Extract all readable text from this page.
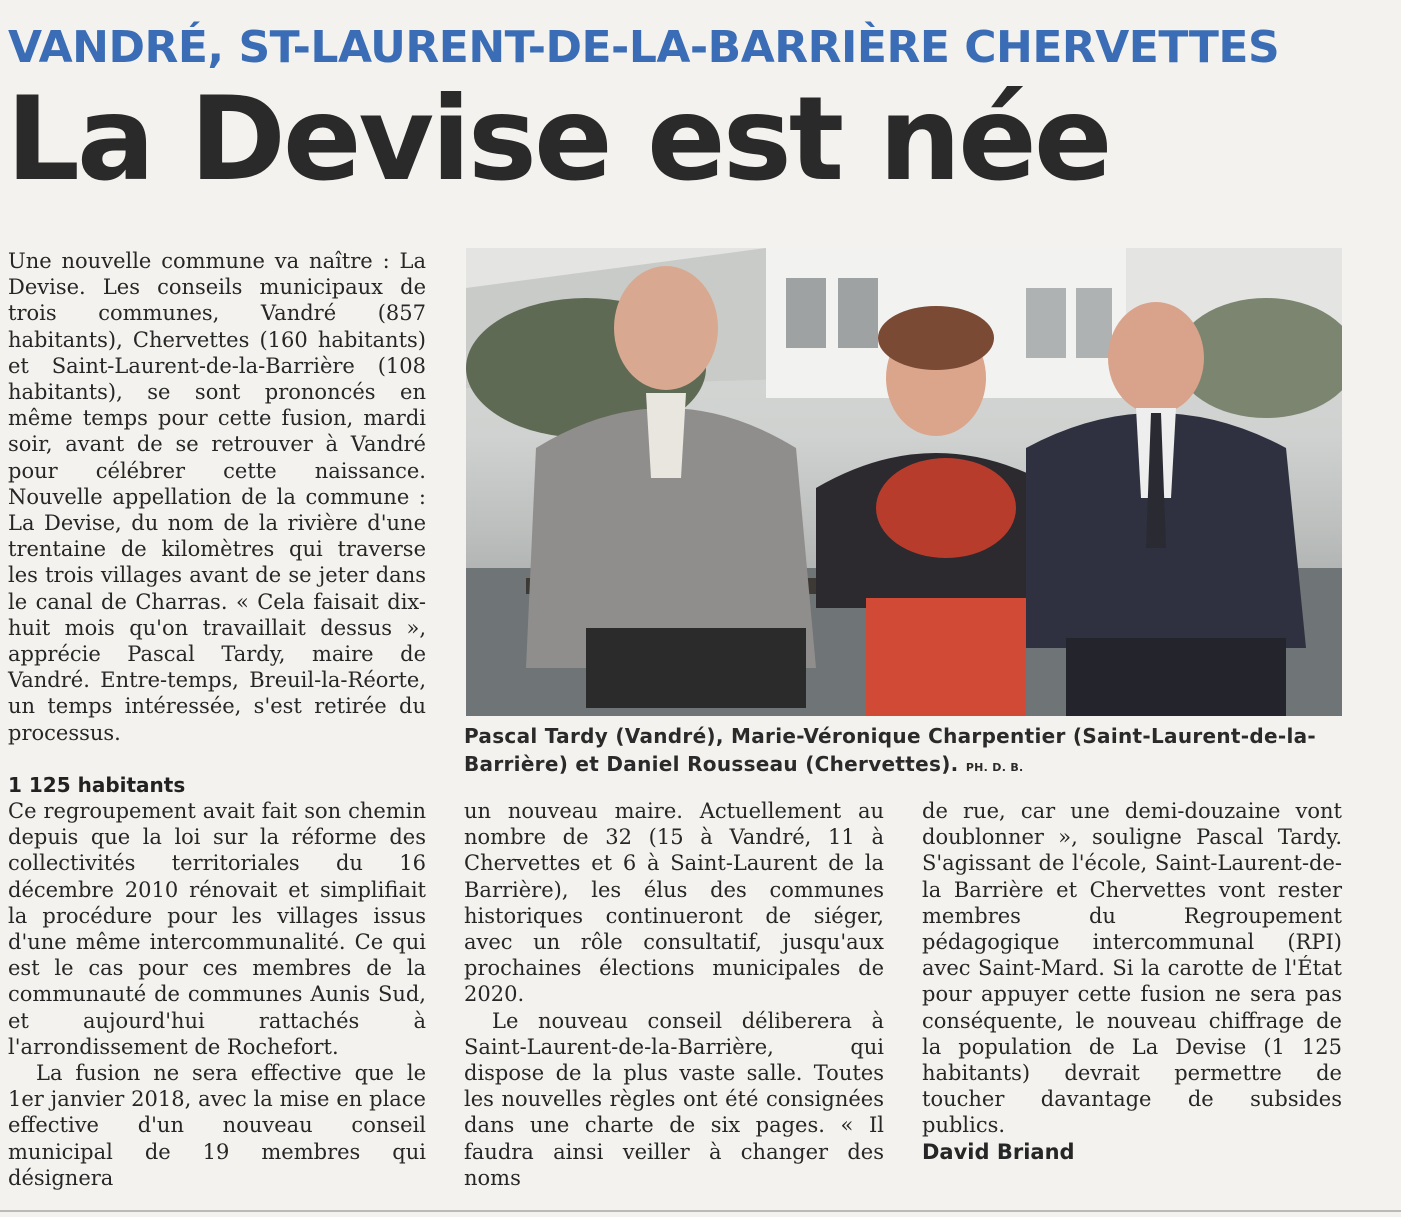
VANDRÉ, ST-LAURENT-DE-LA-BARRIÈRE CHERVETTES
La Devise est née

Une nouvelle commune va naître : La Devise. Les conseils municipaux de trois communes, Vandré (857 habitants), Chervettes (160 habitants) et Saint-Laurent-de-la-Barrière (108 habitants), se sont prononcés en même temps pour cette fusion, mardi soir, avant de se retrouver à Vandré pour célébrer cette naissance. Nouvelle appellation de la commune : La Devise, du nom de la rivière d'une trentaine de kilomètres qui traverse les trois villages avant de se jeter dans le canal de Charras. « Cela faisait dix-huit mois qu'on travaillait dessus », apprécie Pascal Tardy, maire de Vandré. Entre-temps, Breuil-la-Réorte, un temps intéressée, s'est retirée du processus.	Pascal Tardy (Vandré), Marie-Véronique Charpentier (Saint-Laurent-de-la-Barrière) et Daniel Rousseau (Chervettes). PH. D. B.
1 125 habitants

Ce regroupement avait fait son chemin depuis que la loi sur la réforme des collectivités territoriales du 16 décembre 2010 rénovait et simplifiait la procédure pour les villages issus d'une même intercommunalité. Ce qui est le cas pour ces membres de la communauté de communes Aunis Sud, et aujourd'hui rattachés à l'arrondissement de Rochefort.

La fusion ne sera effective que le 1er janvier 2018, avec la mise en place effective d'un nouveau conseil municipal de 19 membres qui désignera

un nouveau maire. Actuellement au nombre de 32 (15 à Vandré, 11 à Chervettes et 6 à Saint-Laurent de la Barrière), les élus des communes historiques continueront de siéger, avec un rôle consultatif, jusqu'aux prochaines élections municipales de 2020.

Le nouveau conseil déliberera à Saint-Laurent-de-la-Barrière, qui dispose de la plus vaste salle. Toutes les nouvelles règles ont été consignées dans une charte de six pages. « Il faudra ainsi veiller à changer des noms

de rue, car une demi-douzaine vont doublonner », souligne Pascal Tardy. S'agissant de l'école, Saint-Laurent-de-la Barrière et Chervettes vont rester membres du Regroupement pédagogique intercommunal (RPI) avec Saint-Mard. Si la carotte de l'État pour appuyer cette fusion ne sera pas conséquente, le nouveau chiffrage de la population de La Devise (1 125 habitants) devrait permettre de toucher davantage de subsides publics.

David Briand
